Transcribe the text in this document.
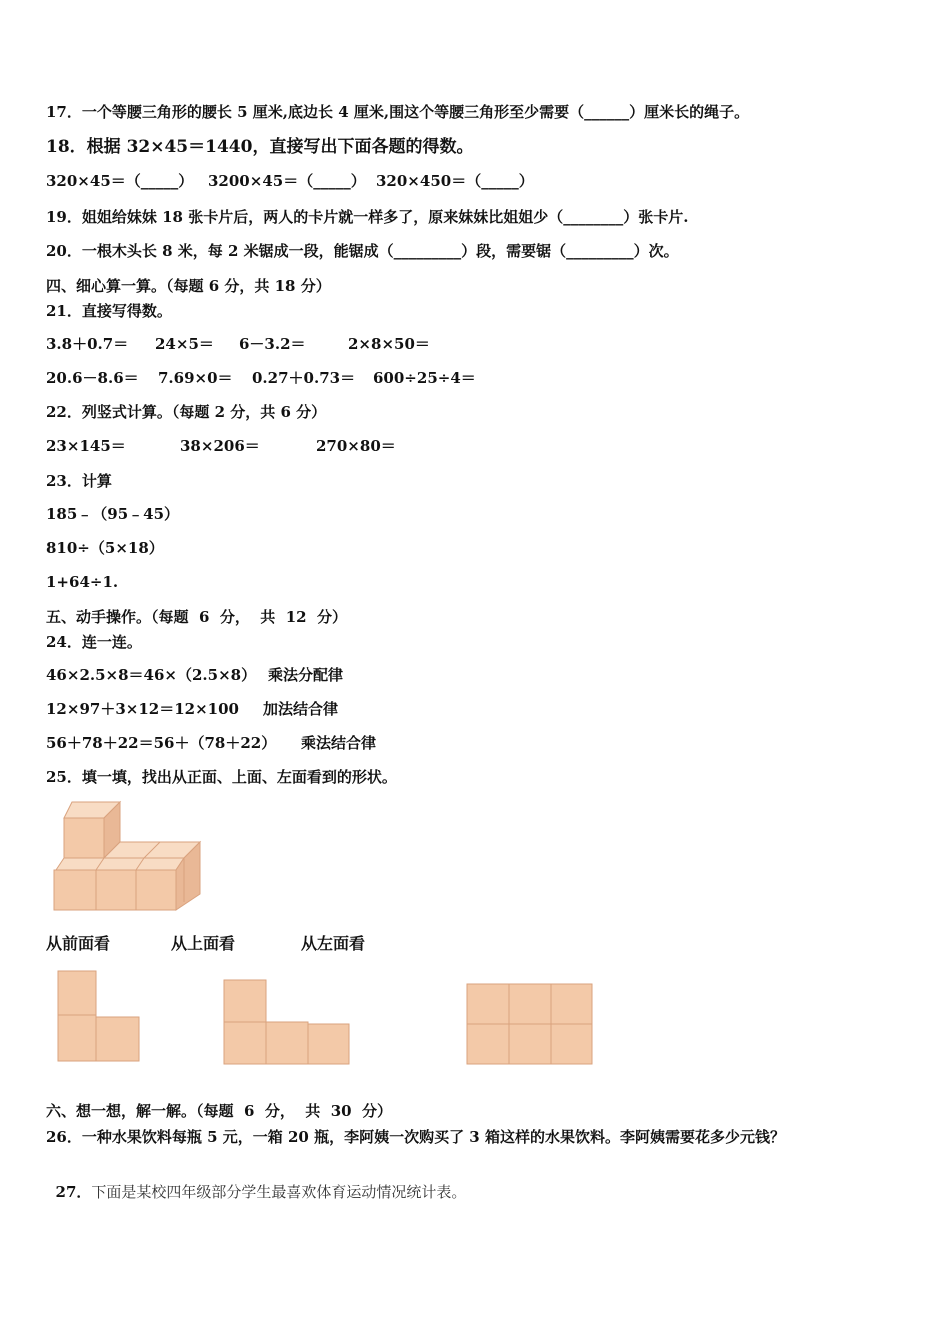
17．一个等腰三角形的腰长 5 厘米,底边长 4 厘米,围这个等腰三角形至少需要（______）厘米长的绳子。
18．根据 32×45＝1440，直接写出下面各题的得数。
320×45＝（_____） 3200×45＝（_____） 320×450＝（_____）
19．姐姐给妹妹 18 张卡片后，两人的卡片就一样多了，原来妹妹比姐姐少（________）张卡片.
20．一根木头长 8 米，每 2 米锯成一段，能锯成（_________）段，需要锯（_________）次。
四、细心算一算。（每题 6 分，共 18 分）
21．直接写得数。
3.8＋0.7＝ 24×5＝ 6－3.2＝	2×8×50＝
20.6－8.6＝ 7.69×0＝ 0.27＋0.73＝ 600÷25÷4＝
22．列竖式计算。（每题 2 分，共 6 分）
23×145＝	38×206＝	270×80＝
23．计算
185﹣（95﹣45）
810÷（5×18）
1+64÷1.
五、动手操作。（每题  6  分，  共  12  分）
24．连一连。
46×2.5×8＝46×（2.5×8） 乘法分配律
12×97＋3×12＝12×100 加法结合律
56＋78＋22＝56＋（78＋22） 乘法结合律
25．填一填，找出从正面、上面、左面看到的形状。
从前面看	从上面看	从左面看
六、想一想，解一解。（每题  6  分，  共  30  分）
26．一种水果饮料每瓶 5 元，一箱 20 瓶，李阿姨一次购买了 3 箱这样的水果饮料。李阿姨需要花多少元钱？

27．下面是某校四年级部分学生最喜欢体育运动情况统计表。
